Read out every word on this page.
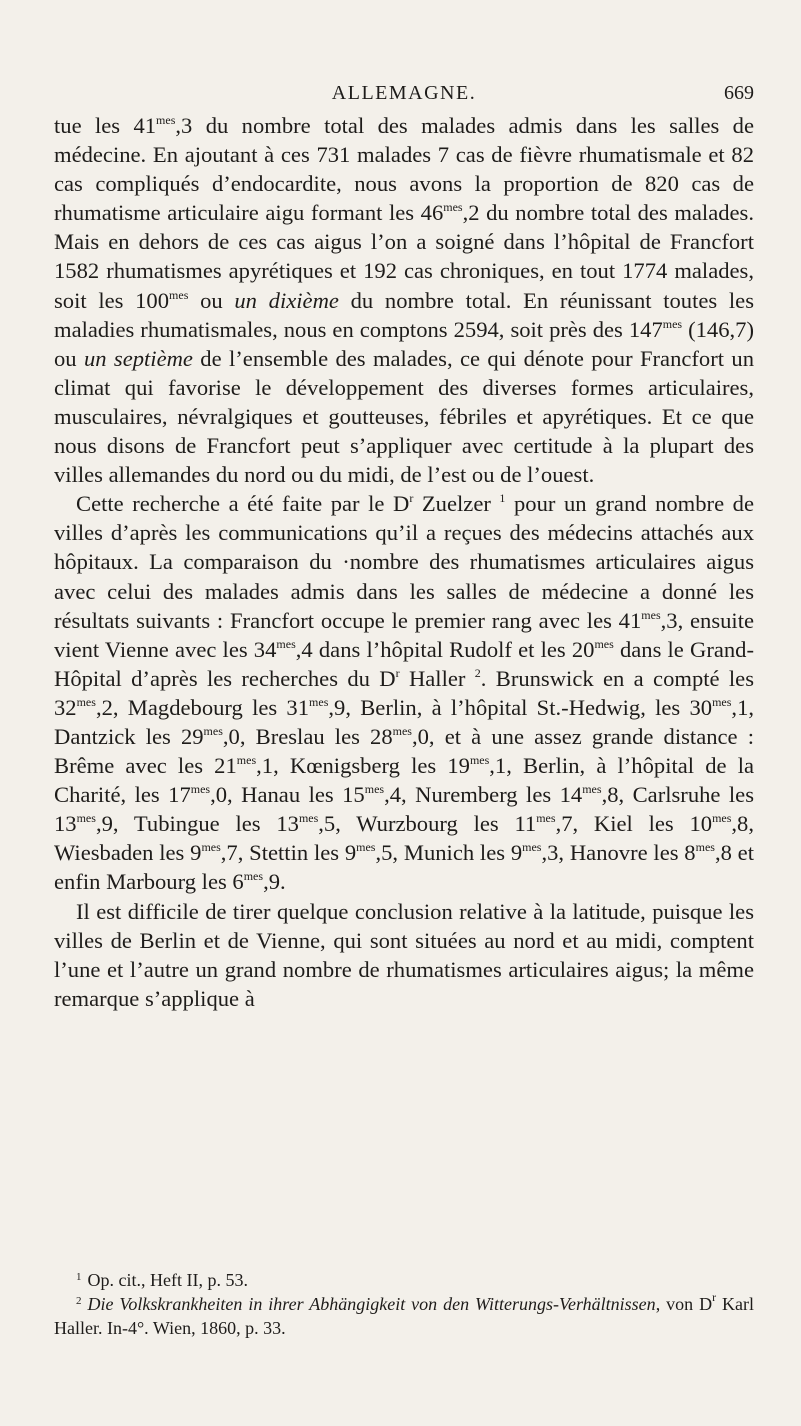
ALLEMAGNE.	669

tue les $41^{mes},3$ du nombre total des malades admis dans les salles de médecine. En ajoutant à ces 731 malades 7 cas de fièvre rhumatismale et 82 cas compliqués d’endocardite, nous avons la proportion de 820 cas de rhumatisme articulaire aigu formant les $46^{mes},2$ du nombre total des malades. Mais en dehors de ces cas aigus l’on a soigné dans l’hôpital de Francfort 1582 rhumatismes apyrétiques et 192 cas chroniques, en tout 1774 malades, soit les $100^{mes}$ ou un dixième du nombre total. En réunissant toutes les maladies rhumatismales, nous en comptons 2594, soit près des $147^{mes}$ (146,7) ou un septième de l’ensemble des malades, ce qui dénote pour Francfort un climat qui favorise le développement des diverses formes articulaires, musculaires, névralgiques et goutteuses, fébriles et apyrétiques. Et ce que nous disons de Francfort peut s’appliquer avec certitude à la plupart des villes allemandes du nord ou du midi, de l’est ou de l’ouest.

Cette recherche a été faite par le $D^r$ Zuelzer $^1$ pour un grand nombre de villes d’après les communications qu’il a reçues des médecins attachés aux hôpitaux. La comparaison du ·nombre des rhumatismes articulaires aigus avec celui des malades admis dans les salles de médecine a donné les résultats suivants : Francfort occupe le premier rang avec les $41^{mes},3$, ensuite vient Vienne avec les $34^{mes},4$ dans l’hôpital Rudolf et les $20^{mes}$ dans le Grand-Hôpital d’après les recherches du $D^r$ Haller $^2$. Brunswick en a compté les $32^{mes},2$, Magdebourg les $31^{mes},9$, Berlin, à l’hôpital St.-Hedwig, les $30^{mes},1$, Dantzick les $29^{mes},0$, Breslau les $28^{mes},0$, et à une assez grande distance : Brême avec les $21^{mes},1$, Kœnigsberg les $19^{mes},1$, Berlin, à l’hôpital de la Charité, les $17^{mes},0$, Hanau les $15^{mes},4$, Nuremberg les $14^{mes},8$, Carlsruhe les $13^{mes},9$, Tubingue les $13^{mes},5$, Wurzbourg les $11^{mes},7$, Kiel les $10^{mes},8$, Wiesbaden les $9^{mes},7$, Stettin les $9^{mes},5$, Munich les $9^{mes},3$, Hanovre les $8^{mes},8$ et enfin Marbourg les $6^{mes},9$.

Il est difficile de tirer quelque conclusion relative à la latitude, puisque les villes de Berlin et de Vienne, qui sont situées au nord et au midi, comptent l’une et l’autre un grand nombre de rhumatismes articulaires aigus; la même remarque s’applique à

$^1$ Op. cit., Heft II, p. 53.

$^2$ Die Volkskrankheiten in ihrer Abhängigkeit von den Witterungs-Verhältnissen, von $D^r$ Karl Haller. In-4°. Wien, 1860, p. 33.
